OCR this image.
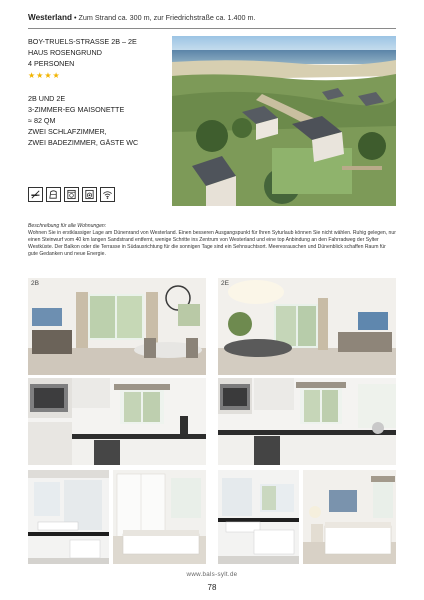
Westerland • Zum Strand ca. 300 m, zur Friedrichstraße ca. 1.400 m.
BOY-TRUELS-STRASSE 2B – 2E
HAUS ROSENGRUND
4 PERSONEN
★★★★
2B UND 2E
3-ZIMMER-EG MAISONETTE
≈ 82 QM
ZWEI SCHLAFZIMMER,
ZWEI BADEZIMMER, GÄSTE WC
Beschreibung für alle Wohnungen:
Wohnen Sie in erstklassiger Lage am Dünenrand von Westerland. Einen besseren Ausgangspunkt für Ihren Syturlaub können Sie nicht wählen. Ruhig gelegen, nur einen Steinwurf vom 40 km langen Sandstrand entfernt, wenige Schritte ins Zentrum von Westerland und eine top Anbindung an den Fahrradweg der Sylter Westküste. Der Balkon oder die Terrasse in Südausrichtung für die sonnigen Tage sind ein Sehnsuchtsort. Meeresrauschen und Dünenblick schaffen Raum für gute Gedanken und neue Energie.
2B	2E
www.bals-sylt.de
78
